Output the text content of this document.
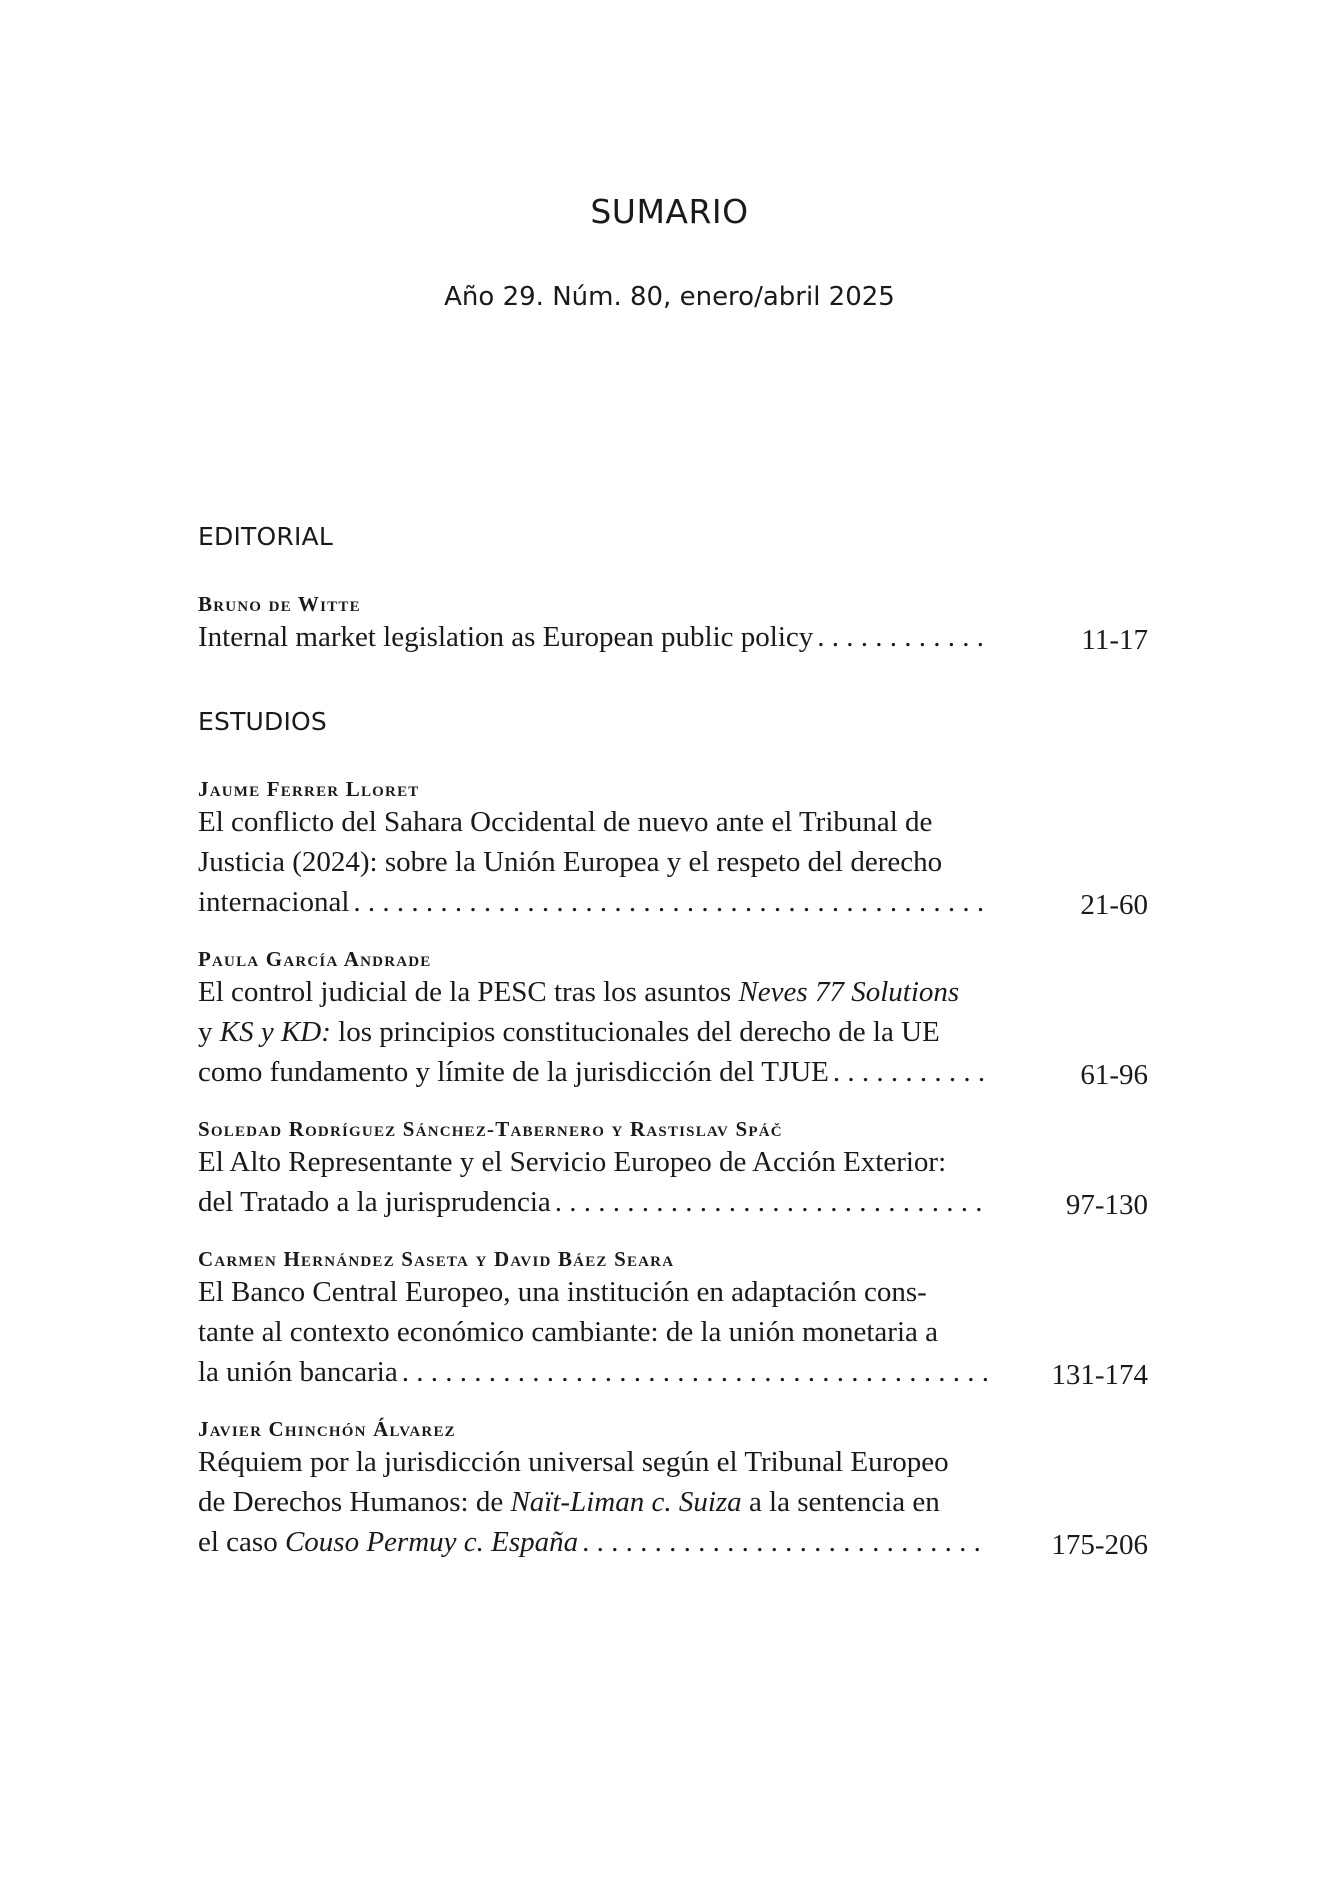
SUMARIO
Año 29. Núm. 80, enero/abril 2025
EDITORIAL
Bruno de Witte
Internal market legislation as European public policy . . .	11-17
ESTUDIOS
Jaume Ferrer Lloret
El conflicto del Sahara Occidental de nuevo ante el Tribunal de
Justicia (2024): sobre la Unión Europea y el respeto del derecho
internacional . . .	21-60
Paula García Andrade
El control judicial de la PESC tras los asuntos Neves 77 Solutions
y KS y KD: los principios constitucionales del derecho de la UE
como fundamento y límite de la jurisdicción del TJUE . . .	61-96
Soledad Rodríguez Sánchez-Tabernero y Rastislav Spáč
El Alto Representante y el Servicio Europeo de Acción Exterior:
del Tratado a la jurisprudencia . . .	97-130
Carmen Hernández Saseta y David Báez Seara
El Banco Central Europeo, una institución en adaptación cons-
tante al contexto económico cambiante: de la unión monetaria a
la unión bancaria . . .	131-174
Javier Chinchón Álvarez
Réquiem por la jurisdicción universal según el Tribunal Europeo
de Derechos Humanos: de Naït-Liman c. Suiza a la sentencia en
el caso Couso Permuy c. España . . .	175-206
